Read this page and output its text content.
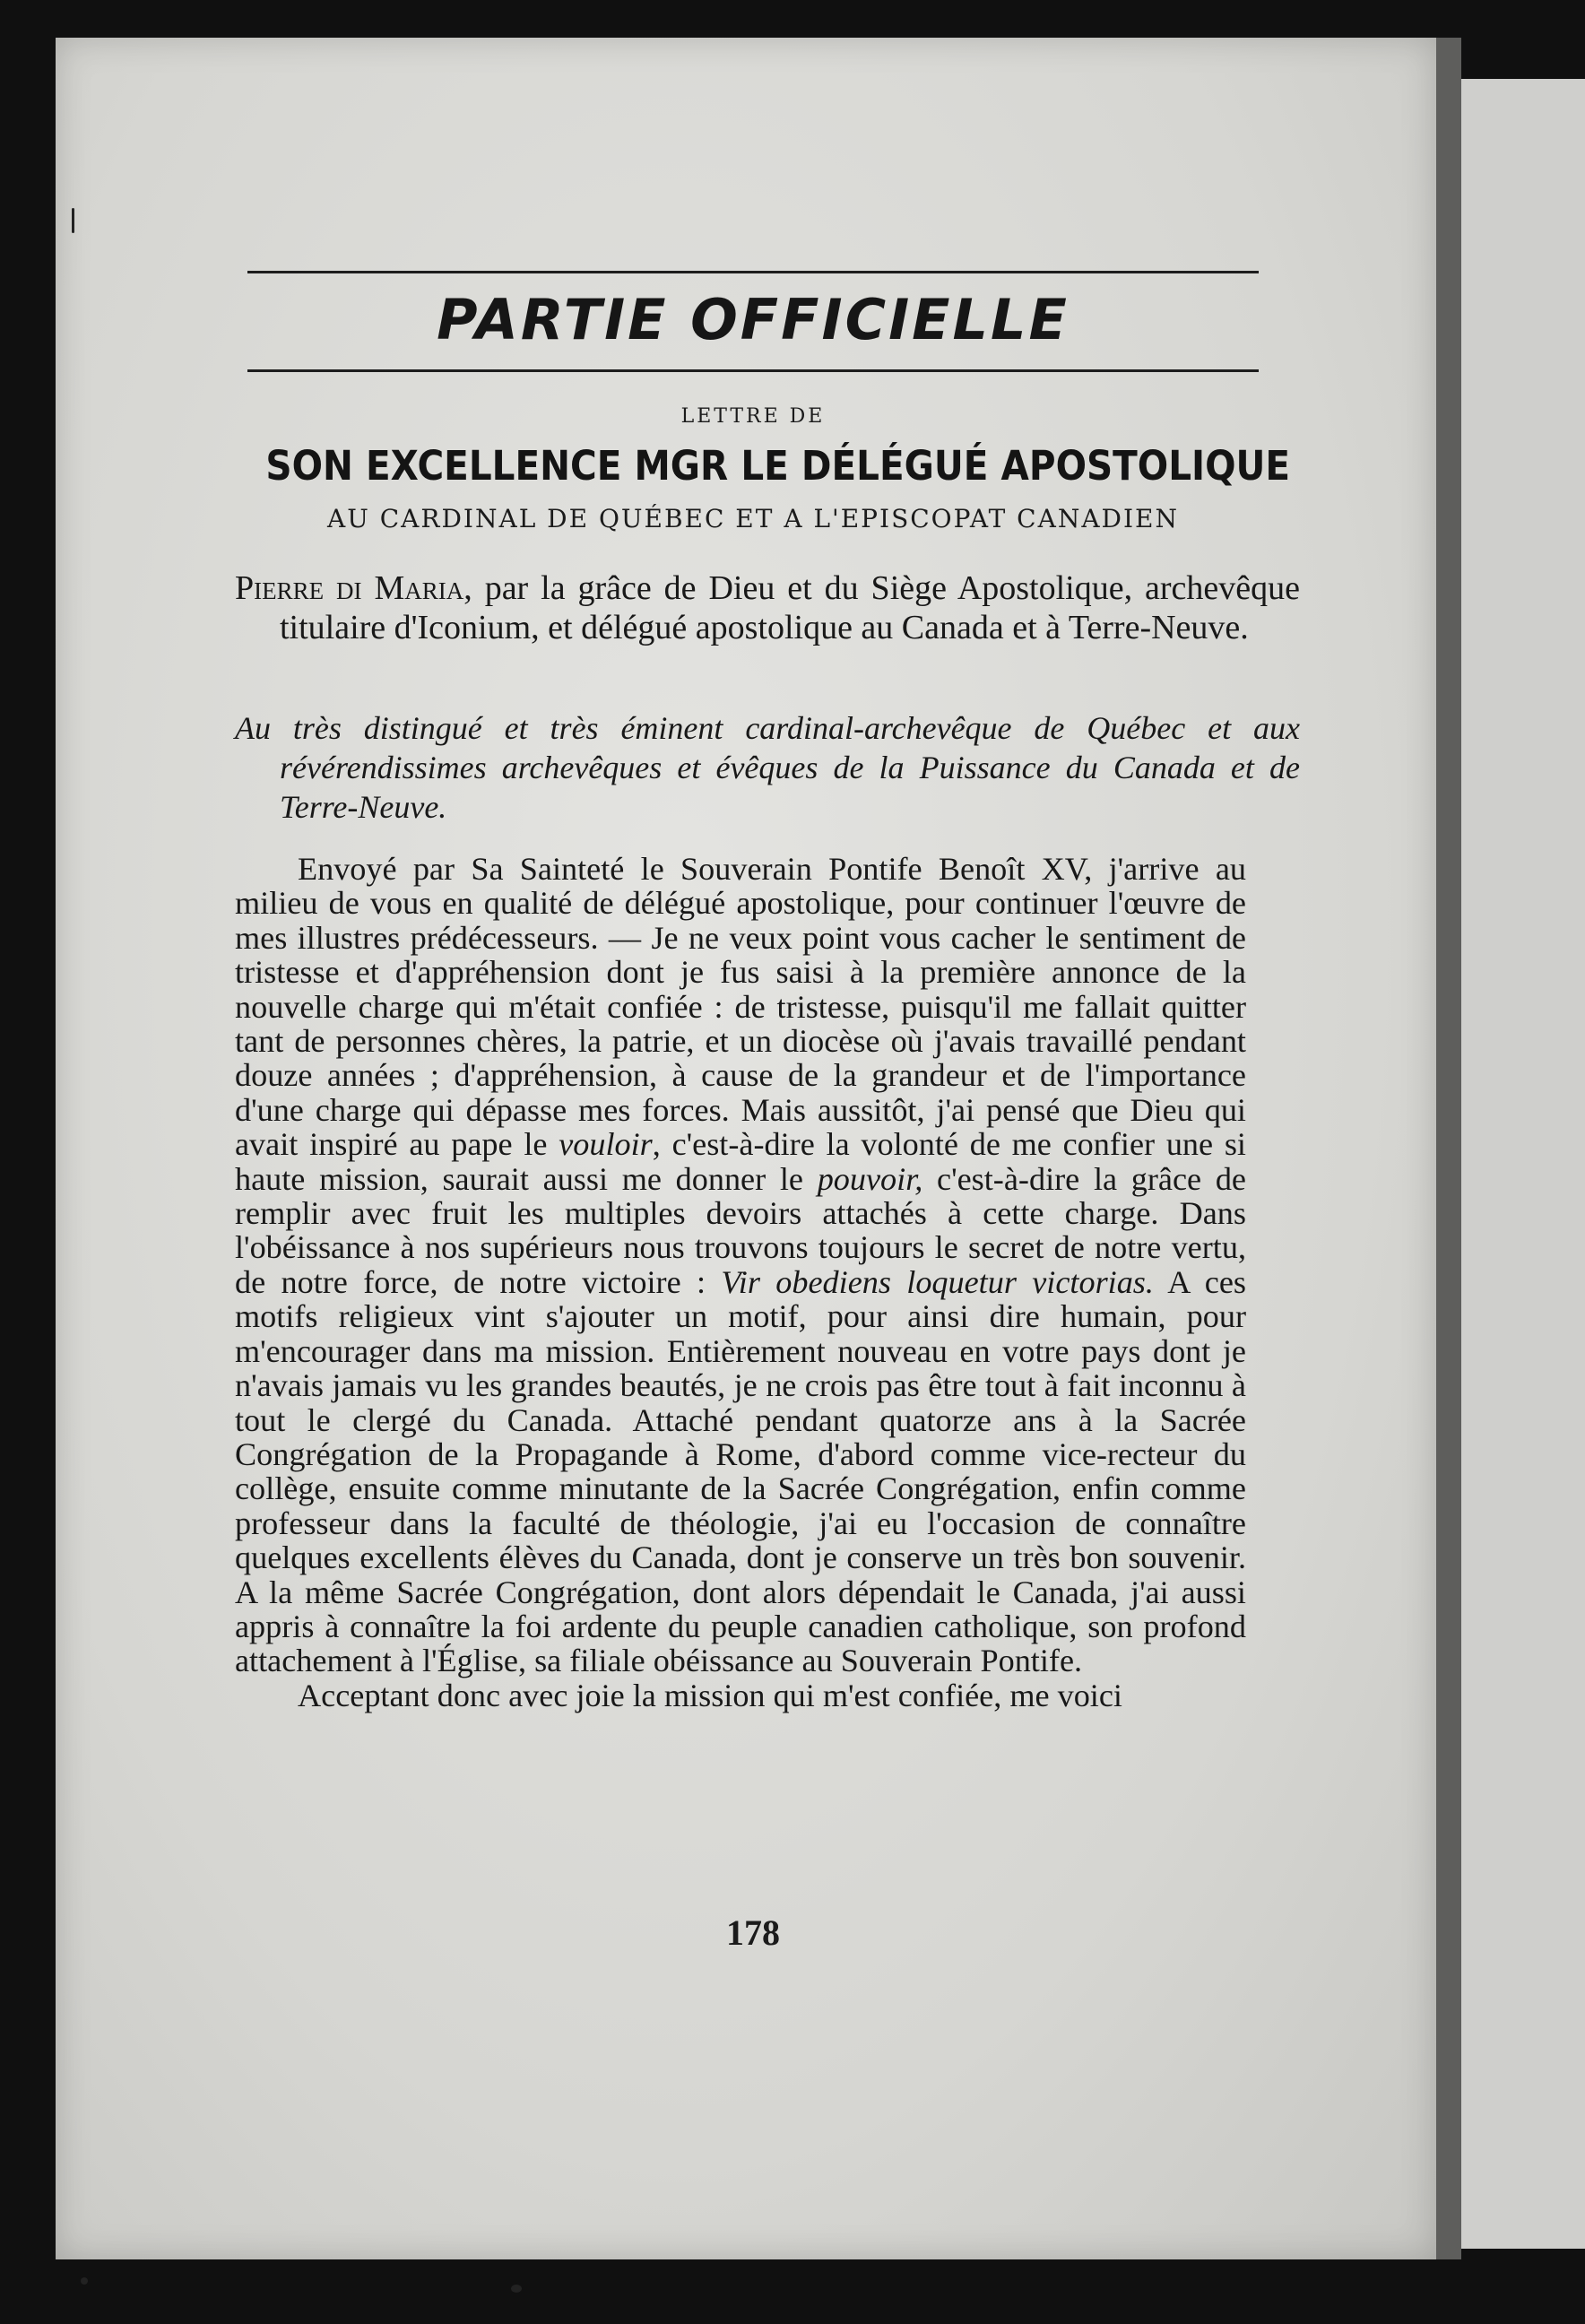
PARTIE OFFICIELLE
LETTRE DE
SON EXCELLENCE MGR LE DÉLÉGUÉ APOSTOLIQUE
AU CARDINAL DE QUÉBEC ET A L'EPISCOPAT CANADIEN
Pierre di Maria, par la grâce de Dieu et du Siège Apostolique, archevêque titulaire d'Iconium, et délégué apostolique au Canada et à Terre-Neuve.
Au très distingué et très éminent cardinal-archevêque de Québec et aux révérendissimes archevêques et évêques de la Puissance du Canada et de Terre-Neuve.

Envoyé par Sa Sainteté le Souverain Pontife Benoît XV, j'arrive au milieu de vous en qualité de délégué apostolique, pour continuer l'œuvre de mes illustres prédécesseurs. — Je ne veux point vous cacher le sentiment de tristesse et d'appréhension dont je fus saisi à la première annonce de la nouvelle charge qui m'était confiée : de tristesse, puisqu'il me fallait quitter tant de personnes chères, la patrie, et un diocèse où j'avais travaillé pendant douze années ; d'appréhension, à cause de la grandeur et de l'importance d'une charge qui dépasse mes forces. Mais aussitôt, j'ai pensé que Dieu qui avait inspiré au pape le vouloir, c'est-à-dire la volonté de me confier une si haute mission, saurait aussi me donner le pouvoir, c'est-à-dire la grâce de remplir avec fruit les multiples devoirs attachés à cette charge. Dans l'obéissance à nos supérieurs nous trouvons toujours le secret de notre vertu, de notre force, de notre victoire : Vir obediens loquetur victorias. A ces motifs religieux vint s'ajouter un motif, pour ainsi dire humain, pour m'encourager dans ma mission. Entièrement nouveau en votre pays dont je n'avais jamais vu les grandes beautés, je ne crois pas être tout à fait inconnu à tout le clergé du Canada. Attaché pendant quatorze ans à la Sacrée Congrégation de la Propagande à Rome, d'abord comme vice-recteur du collège, ensuite comme minutante de la Sacrée Congrégation, enfin comme professeur dans la faculté de théologie, j'ai eu l'occasion de connaître quelques excellents élèves du Canada, dont je conserve un très bon souvenir. A la même Sacrée Congrégation, dont alors dépendait le Canada, j'ai aussi appris à connaître la foi ardente du peuple canadien catholique, son profond attachement à l'Église, sa filiale obéissance au Souverain Pontife.

Acceptant donc avec joie la mission qui m'est confiée, me voici

178
